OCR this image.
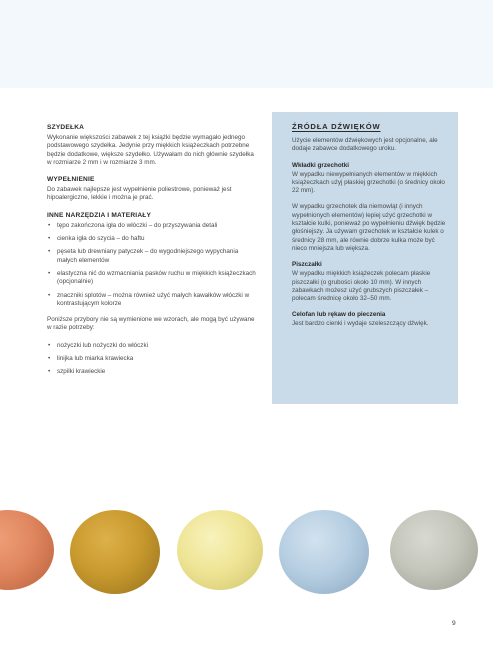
SZYDEŁKA

Wykonanie większości zabawek z tej książki będzie wymagało jednego podstawowego szydełka. Jedynie przy miękkich książeczkach potrzebne będzie dodatkowe, większe szydełko. Używałam do nich głównie szydełka w rozmiarze 2 mm i w rozmiarze 3 mm.

WYPEŁNIENIE

Do zabawek najlepsze jest wypełnienie poliestrowe, ponieważ jest hipoalergiczne, lekkie i można je prać.

INNE NARZĘDZIA I MATERIAŁY
• tępo zakończona igła do włóczki – do przyszywania detali
• cienka igła do szycia – do haftu
• pęseta lub drewniany patyczek – do wygodniejszego wypychania małych elementów
• elastyczna nić do wzmacniania pasków ruchu w miękkich książeczkach (opcjonalnie)
• znaczniki splotów – można również użyć małych kawałków włóczki w kontrastującym kolorze

Poniższe przybory nie są wymienione we wzorach, ale mogą być używane w razie potrzeby:

• nożyczki lub nożyczki do włóczki
• linijka lub miarka krawiecka
• szpilki krawieckie
ŹRÓDŁA DŹWIĘKÓW

Użycie elementów dźwiękowych jest opcjonalne, ale dodaje zabawce dodatkowego uroku.

Wkładki grzechotki

W wypadku niewypełnianych elementów w miękkich książeczkach użyj płaskiej grzechotki (o średnicy około 22 mm).

W wypadku grzechotek dla niemowląt (i innych wypełnionych elementów) lepiej użyć grzechotki w kształcie kulki, ponieważ po wypełnieniu dźwięk będzie głośniejszy. Ja używam grzechotek w kształcie kulek o średnicy 28 mm, ale równie dobrze kulka może być nieco mniejsza lub większa.

Piszczałki

W wypadku miękkich książeczek polecam płaskie piszczałki (o grubości około 10 mm). W innych zabawkach możesz użyć grubszych piszczałek – polecam średnicę około 32–50 mm.

Celofan lub rękaw do pieczenia

Jest bardzo cienki i wydaje szeleszczący dźwięk.

9
